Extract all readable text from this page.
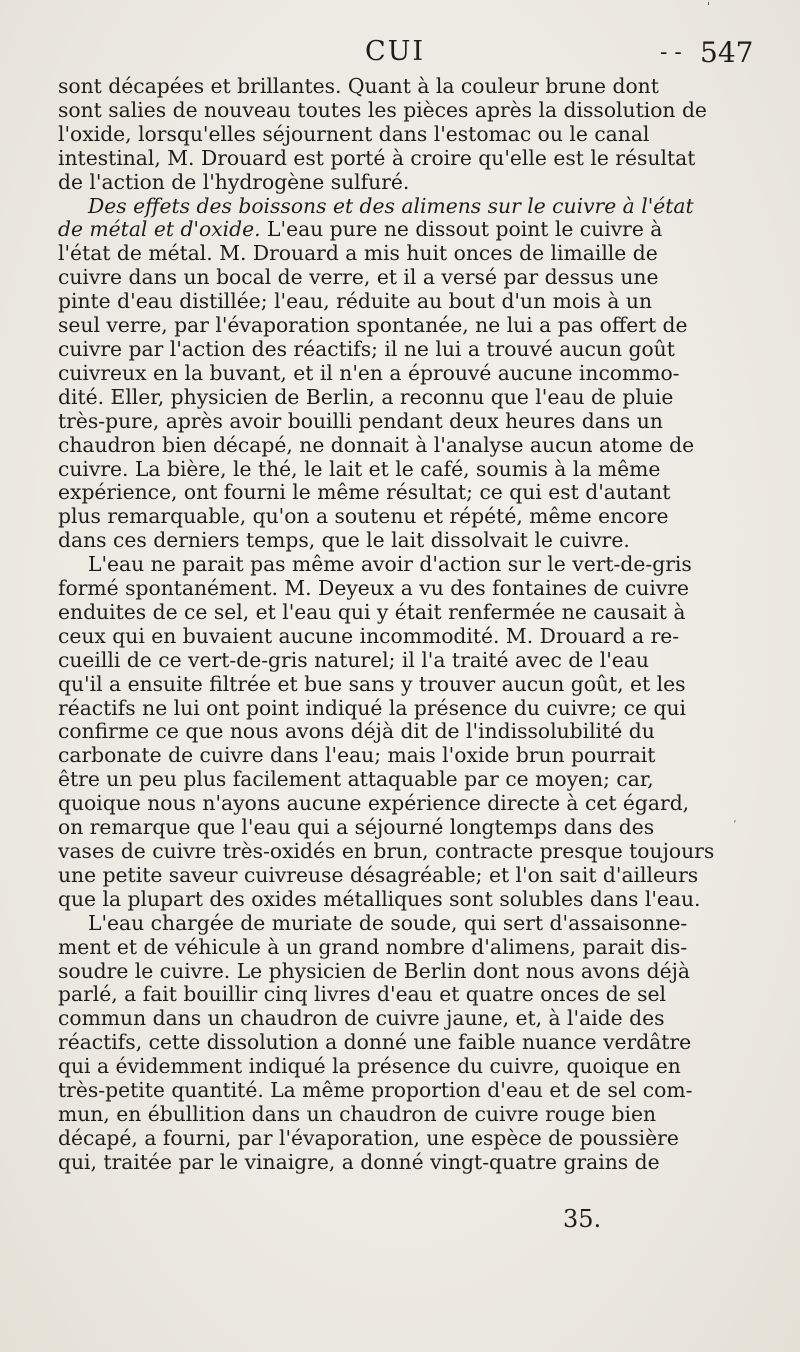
'
CUI	- - 547
sont décapées et brillantes. Quant à la couleur brune dont
sont salies de nouveau toutes les pièces après la dissolution de
l'oxide, lorsqu'elles séjournent dans l'estomac ou le canal
intestinal, M. Drouard est porté à croire qu'elle est le résultat
de l'action de l'hydrogène sulfuré.
Des effets des boissons et des alimens sur le cuivre à l'état
de métal et d'oxide. L'eau pure ne dissout point le cuivre à
l'état de métal. M. Drouard a mis huit onces de limaille de
cuivre dans un bocal de verre, et il a versé par dessus une
pinte d'eau distillée; l'eau, réduite au bout d'un mois à un
seul verre, par l'évaporation spontanée, ne lui a pas offert de
cuivre par l'action des réactifs; il ne lui a trouvé aucun goût
cuivreux en la buvant, et il n'en a éprouvé aucune incommo-
dité. Eller, physicien de Berlin, a reconnu que l'eau de pluie
très-pure, après avoir bouilli pendant deux heures dans un
chaudron bien décapé, ne donnait à l'analyse aucun atome de
cuivre. La bière, le thé, le lait et le café, soumis à la même
expérience, ont fourni le même résultat; ce qui est d'autant
plus remarquable, qu'on a soutenu et répété, même encore
dans ces derniers temps, que le lait dissolvait le cuivre.
L'eau ne parait pas même avoir d'action sur le vert-de-gris
formé spontanément. M. Deyeux a vu des fontaines de cuivre
enduites de ce sel, et l'eau qui y était renfermée ne causait à
ceux qui en buvaient aucune incommodité. M. Drouard a re-
cueilli de ce vert-de-gris naturel; il l'a traité avec de l'eau
qu'il a ensuite filtrée et bue sans y trouver aucun goût, et les
réactifs ne lui ont point indiqué la présence du cuivre; ce qui
confirme ce que nous avons déjà dit de l'indissolubilité du
carbonate de cuivre dans l'eau; mais l'oxide brun pourrait
être un peu plus facilement attaquable par ce moyen; car,
quoique nous n'ayons aucune expérience directe à cet égard,
on remarque que l'eau qui a séjourné longtemps dans des
vases de cuivre très-oxidés en brun, contracte presque toujours
une petite saveur cuivreuse désagréable; et l'on sait d'ailleurs
que la plupart des oxides métalliques sont solubles dans l'eau.
L'eau chargée de muriate de soude, qui sert d'assaisonne-
ment et de véhicule à un grand nombre d'alimens, parait dis-
soudre le cuivre. Le physicien de Berlin dont nous avons déjà
parlé, a fait bouillir cinq livres d'eau et quatre onces de sel
commun dans un chaudron de cuivre jaune, et, à l'aide des
réactifs, cette dissolution a donné une faible nuance verdâtre
qui a évidemment indiqué la présence du cuivre, quoique en
très-petite quantité. La même proportion d'eau et de sel com-
mun, en ébullition dans un chaudron de cuivre rouge bien
décapé, a fourni, par l'évaporation, une espèce de poussière
qui, traitée par le vinaigre, a donné vingt-quatre grains de
ʻ
35.
